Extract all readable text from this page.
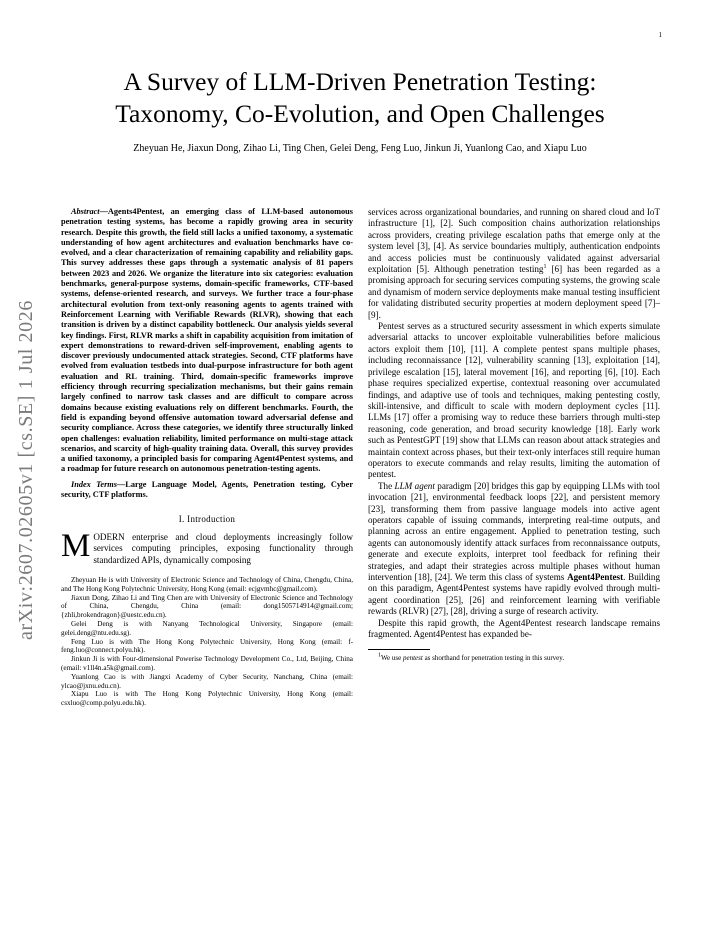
1
arXiv:2607.02605v1 [cs.SE] 1 Jul 2026
A Survey of LLM-Driven Penetration Testing:
Taxonomy, Co-Evolution, and Open Challenges
Zheyuan He, Jiaxun Dong, Zihao Li, Ting Chen, Gelei Deng, Feng Luo, Jinkun Ji, Yuanlong Cao, and Xiapu Luo

Abstract—Agents4Pentest, an emerging class of LLM-based autonomous penetration testing systems, has become a rapidly growing area in security research. Despite this growth, the field still lacks a unified taxonomy, a systematic understanding of how agent architectures and evaluation benchmarks have co-evolved, and a clear characterization of remaining capability and reliability gaps. This survey addresses these gaps through a systematic analysis of 81 papers between 2023 and 2026. We organize the literature into six categories: evaluation benchmarks, general-purpose systems, domain-specific frameworks, CTF-based systems, defense-oriented research, and surveys. We further trace a four-phase architectural evolution from text-only reasoning agents to agents trained with Reinforcement Learning with Verifiable Rewards (RLVR), showing that each transition is driven by a distinct capability bottleneck. Our analysis yields several key findings. First, RLVR marks a shift in capability acquisition from imitation of expert demonstrations to reward-driven self-improvement, enabling agents to discover previously undocumented attack strategies. Second, CTF platforms have evolved from evaluation testbeds into dual-purpose infrastructure for both agent evaluation and RL training. Third, domain-specific frameworks improve efficiency through recurring specialization mechanisms, but their gains remain largely confined to narrow task classes and are difficult to compare across domains because existing evaluations rely on different benchmarks. Fourth, the field is expanding beyond offensive automation toward adversarial defense and security compliance. Across these categories, we identify three structurally linked open challenges: evaluation reliability, limited performance on multi-stage attack scenarios, and scarcity of high-quality training data. Overall, this survey provides a unified taxonomy, a principled basis for comparing Agent4Pentest systems, and a roadmap for future research on autonomous penetration-testing agents.

Index Terms—Large Language Model, Agents, Penetration testing, Cyber security, CTF platforms.

I. Introduction

MODERN enterprise and cloud deployments increasingly follow services computing principles, exposing functionality through standardized APIs, dynamically composing

Zheyuan He is with University of Electronic Science and Technology of China, Chengdu, China, and The Hong Kong Polytechnic University, Hong Kong (email: ecjgvmhc@gmail.com).

Jiaxun Dong, Zihao Li and Ting Chen are with University of Electronic Science and Technology of China, Chengdu, China (email: dong1505714914@gmail.com;{zhli,brokendragon}@uestc.edu.cn).

Gelei Deng is with Nanyang Technological University, Singapore (email: gelei.deng@ntu.edu.sg).

Feng Luo is with The Hong Kong Polytechnic University, Hong Kong (email: f-feng.luo@connect.polyu.hk).

Jinkun Ji is with Four-dimensional Powerise Technology Development Co., Ltd, Beijing, China (email: v1ll4n.a5k@gmail.com).

Yuanlong Cao is with Jiangxi Academy of Cyber Security, Nanchang, China (email: ylcao@jxnu.edu.cn).

Xiapu Luo is with The Hong Kong Polytechnic University, Hong Kong (email: csxluo@comp.polyu.edu.hk).

services across organizational boundaries, and running on shared cloud and IoT infrastructure [1], [2]. Such composition chains authorization relationships across providers, creating privilege escalation paths that emerge only at the system level [3], [4]. As service boundaries multiply, authentication endpoints and access policies must be continuously validated against adversarial exploitation [5]. Although penetration testing$^1$ [6] has been regarded as a promising approach for securing services computing systems, the growing scale and dynamism of modern service deployments make manual testing insufficient for validating distributed security properties at modern deployment speed [7]–[9].

Pentest serves as a structured security assessment in which experts simulate adversarial attacks to uncover exploitable vulnerabilities before malicious actors exploit them [10], [11]. A complete pentest spans multiple phases, including reconnaissance [12], vulnerability scanning [13], exploitation [14], privilege escalation [15], lateral movement [16], and reporting [6], [10]. Each phase requires specialized expertise, contextual reasoning over accumulated findings, and adaptive use of tools and techniques, making pentesting costly, skill-intensive, and difficult to scale with modern deployment cycles [11]. LLMs [17] offer a promising way to reduce these barriers through multi-step reasoning, code generation, and broad security knowledge [18]. Early work such as PentestGPT [19] show that LLMs can reason about attack strategies and maintain context across phases, but their text-only interfaces still require human operators to execute commands and relay results, limiting the automation of pentest.

The LLM agent paradigm [20] bridges this gap by equipping LLMs with tool invocation [21], environmental feedback loops [22], and persistent memory [23], transforming them from passive language models into active agent operators capable of issuing commands, interpreting real-time outputs, and planning across an entire engagement. Applied to penetration testing, such agents can autonomously identify attack surfaces from reconnaissance outputs, generate and execute exploits, interpret tool feedback for refining their strategies, and adapt their strategies across multiple phases without human intervention [18], [24]. We term this class of systems Agent4Pentest. Building on this paradigm, Agent4Pentest systems have rapidly evolved through multi-agent coordination [25], [26] and reinforcement learning with verifiable rewards (RLVR) [27], [28], driving a surge of research activity.

Despite this rapid growth, the Agent4Pentest research landscape remains fragmented. Agent4Pentest has expanded be-

$^1$We use pentest as shorthand for penetration testing in this survey.
